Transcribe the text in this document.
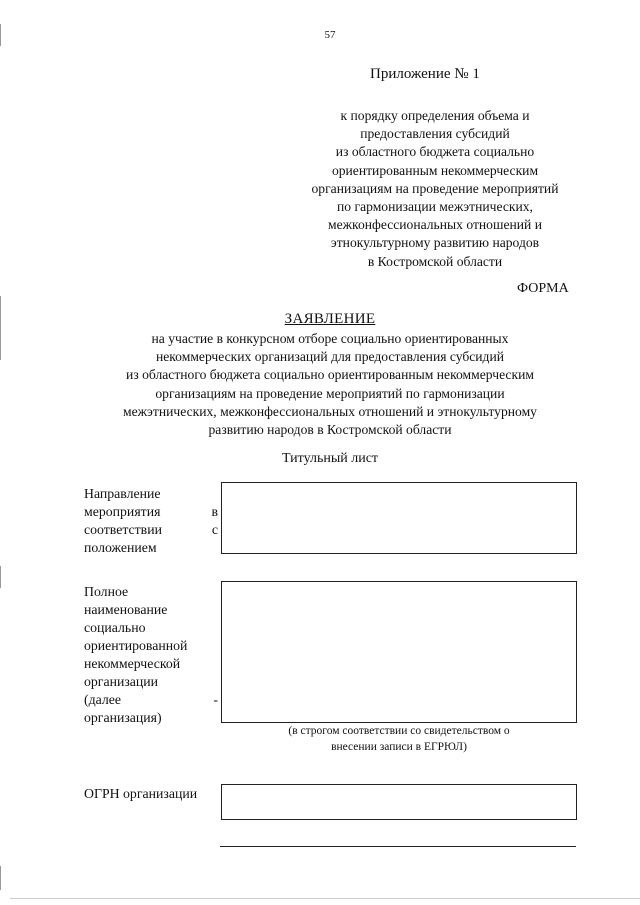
57
Приложение № 1
к порядку определения объема и
предоставления субсидий
из областного бюджета социально
ориентированным некоммерческим
организациям на проведение мероприятий
по гармонизации межэтнических,
межконфессиональных отношений и
этнокультурному развитию народов
в Костромской области
ФОРМА
ЗАЯВЛЕНИЕ
на участие в конкурсном отборе социально ориентированных
некоммерческих организаций для предоставления субсидий
из областного бюджета социально ориентированным некоммерческим
организациям на проведение мероприятий по гармонизации
межэтнических, межконфессиональных отношений и этнокультурному
развитию народов в Костромской области
Титульный лист
Направление
мероприятия в
соответствии с
положением
Полное
наименование
социально
ориентированной
некоммерческой
организации
(далее -
организация)
(в строгом соответствии со свидетельством о
внесении записи в ЕГРЮЛ)
ОГРН организации
